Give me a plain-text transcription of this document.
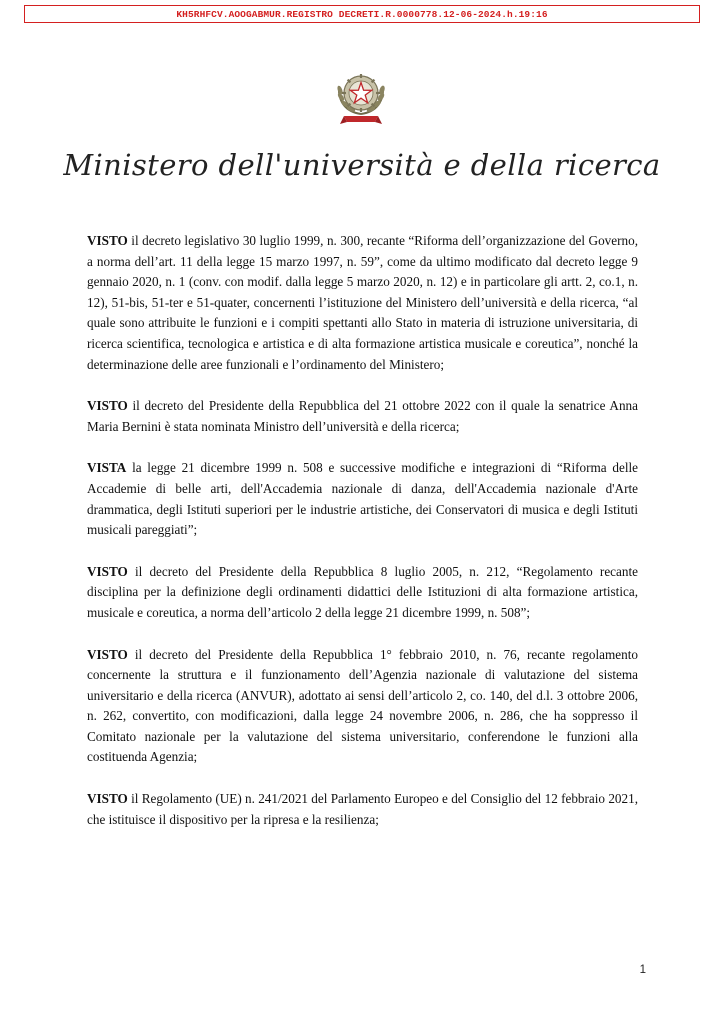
KH5RHFCV.AOOGABMUR.REGISTRO DECRETI.R.0000778.12-06-2024.h.19:16
Ministero dell'università e della ricerca

VISTO il decreto legislativo 30 luglio 1999, n. 300, recante “Riforma dell’organizzazione del Governo, a norma dell’art. 11 della legge 15 marzo 1997, n. 59”, come da ultimo modificato dal decreto legge 9 gennaio 2020, n. 1 (conv. con modif. dalla legge 5 marzo 2020, n. 12) e in particolare gli artt. 2, co.1, n. 12), 51-bis, 51-ter e 51-quater, concernenti l’istituzione del Ministero dell’università e della ricerca, “al quale sono attribuite le funzioni e i compiti spettanti allo Stato in materia di istruzione universitaria, di ricerca scientifica, tecnologica e artistica e di alta formazione artistica musicale e coreutica”, nonché la determinazione delle aree funzionali e l’ordinamento del Ministero;

VISTO il decreto del Presidente della Repubblica del 21 ottobre 2022 con il quale la senatrice Anna Maria Bernini è stata nominata Ministro dell’università e della ricerca;

VISTA la legge 21 dicembre 1999 n. 508 e successive modifiche e integrazioni di “Riforma delle Accademie di belle arti, dell'Accademia nazionale di danza, dell'Accademia nazionale d'Arte drammatica, degli Istituti superiori per le industrie artistiche, dei Conservatori di musica e degli Istituti musicali pareggiati”;

VISTO il decreto del Presidente della Repubblica 8 luglio 2005, n. 212, “Regolamento recante disciplina per la definizione degli ordinamenti didattici delle Istituzioni di alta formazione artistica, musicale e coreutica, a norma dell’articolo 2 della legge 21 dicembre 1999, n. 508”;

VISTO il decreto del Presidente della Repubblica 1° febbraio 2010, n. 76, recante regolamento concernente la struttura e il funzionamento dell’Agenzia nazionale di valutazione del sistema universitario e della ricerca (ANVUR), adottato ai sensi dell’articolo 2, co. 140, del d.l. 3 ottobre 2006, n. 262, convertito, con modificazioni, dalla legge 24 novembre 2006, n. 286, che ha soppresso il Comitato nazionale per la valutazione del sistema universitario, conferendone le funzioni alla costituenda Agenzia;

VISTO il Regolamento (UE) n. 241/2021 del Parlamento Europeo e del Consiglio del 12 febbraio 2021, che istituisce il dispositivo per la ripresa e la resilienza;

1
